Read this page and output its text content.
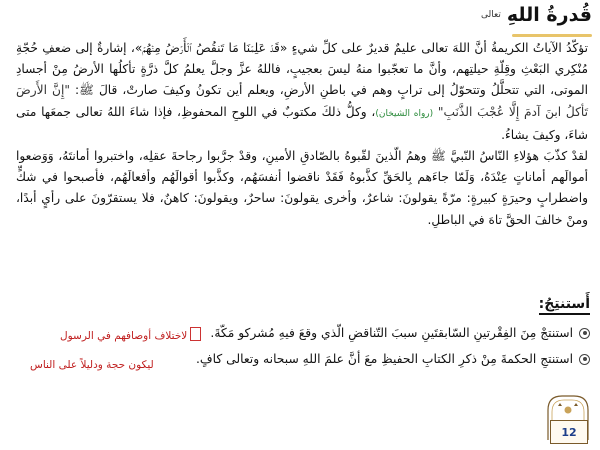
قُدرةُ اللهِ
تعالى

تؤكّدُ الآياتُ الكريمةُ أنَّ اللهَ تعالى عليمٌ قديرٌ على كلِّ شيءٍ «قَدۡ عَلِمۡنَا مَا تَنقُصُ ٱلۡأَرۡضُ مِنۡهُمۡ»، إشارةٌ إلى ضعفِ حُجّةِ مُنْكِري البَعْثِ وقِلّةِ حيلتِهم، وأنَّ ما تعجّبوا منهُ ليسَ بعجيبٍ، فاللهُ عزَّ وجلَّ يعلمُ كلَّ ذرَّةٍ تأكلُها الأرضُ مِنْ أجسادِ الموتى، التي تتحلَّلُ وتتحوّلُ إلى ترابٍ وهم في باطنِ الأرضِ، ويعلم أين تكونُ وكيفَ صارتْ، قالَ ﷺ: "إِنَّ الأَرضَ تَأكلُ ابنَ آدمَ إِلَّا عُجْبَ الذَّنَبِ" (رواه الشيخان)، وكلُّ ذلكَ مكتوبٌ في اللوحِ المحفوظِ، فإذا شاءَ اللهُ تعالى جمعَها متى شاءَ، وكيفَ يشاءُ.

لقدْ كذّبَ هؤلاءِ النّاسُ النّبيَّ ﷺ وهمُ الّذينَ لقّبوهُ بالصّادقِ الأمينِ، وقدْ جرَّبوا رجاحةَ عقلِه، واختبروا أمانتَهُ، وَوَضعوا أموالَهم أماناتٍ عِنْدَهُ، وَلَمّا جاءَهم بِالحَقِّ كذَّبوهُ فَقَدْ ناقضوا أنفسَهُم، وكذَّبوا أقوالَهُم وأفعالَهُم، فأصبحوا في شكٍّ واضطرابٍ وحيرَةٍ كبيرةٍ: مرّةً يقولونَ: شاعرٌ، وأخرى يقولونَ: ساحرٌ، ويقولونَ: كاهنٌ، فلا يستقرّونَ على رأيٍ أبدًا، ومنْ خالفَ الحقَّ تاهَ في الباطلِ.

أَستنتِجُ:
استنتجْ مِنَ الفِقْرتينِ السّابقتَينِ سببَ التّناقضِ الّذي وقعَ فيهِ مُشركو مَكّةَ.
استنتجِ الحكمةَ مِنْ ذكرِ الكتابِ الحفيظِ معَ أنَّ علمَ اللهِ سبحانه وتعالى كافٍ.
لاختلاف أوصافهم في الرسول
ليكون حجة ودليلاً على الناس
12
